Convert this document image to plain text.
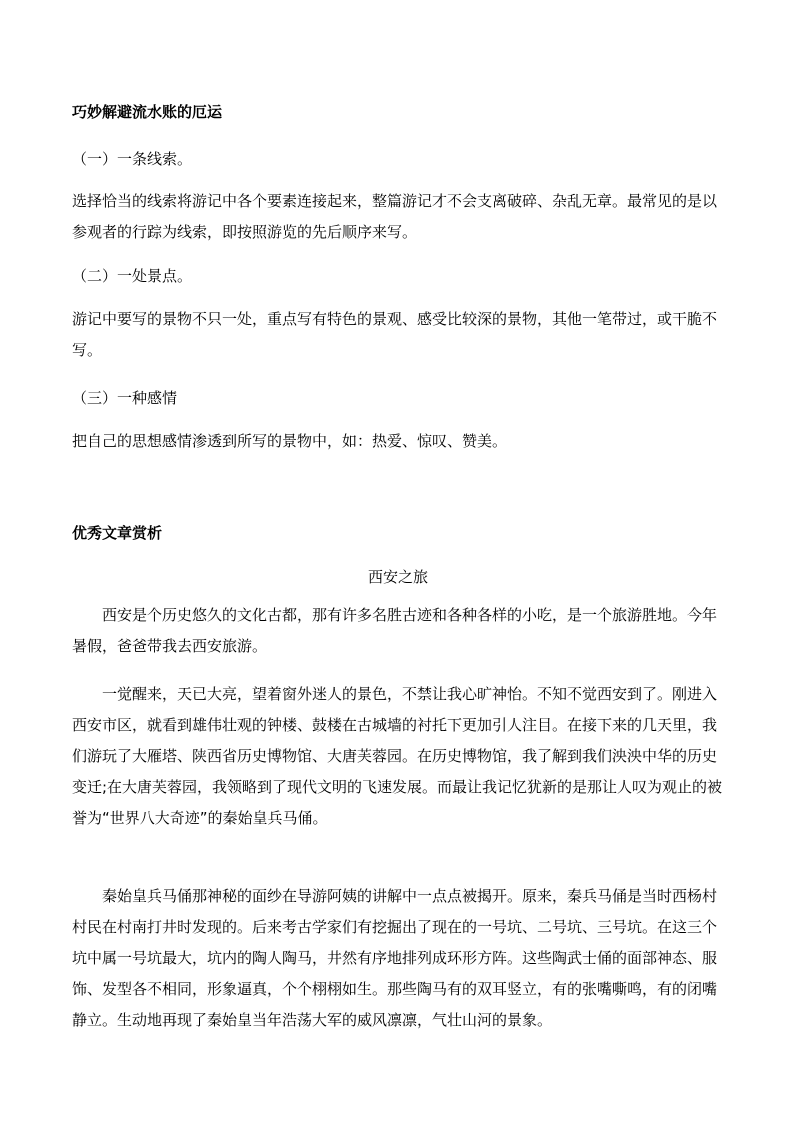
巧妙解避流水账的厄运

（一）一条线索。

选择恰当的线索将游记中各个要素连接起来，整篇游记才不会支离破碎、杂乱无章。最常见的是以参观者的行踪为线索，即按照游览的先后顺序来写。

（二）一处景点。

游记中要写的景物不只一处，重点写有特色的景观、感受比较深的景物，其他一笔带过，或干脆不写。

（三）一种感情

把自己的思想感情渗透到所写的景物中，如：热爱、惊叹、赞美。

优秀文章赏析

西安之旅

西安是个历史悠久的文化古都，那有许多名胜古迹和各种各样的小吃，是一个旅游胜地。今年暑假，爸爸带我去西安旅游。

一觉醒来，天已大亮，望着窗外迷人的景色，不禁让我心旷神怡。不知不觉西安到了。刚进入西安市区，就看到雄伟壮观的钟楼、鼓楼在古城墙的衬托下更加引人注目。在接下来的几天里，我们游玩了大雁塔、陕西省历史博物馆、大唐芙蓉园。在历史博物馆，我了解到我们泱泱中华的历史变迁;在大唐芙蓉园，我领略到了现代文明的飞速发展。而最让我记忆犹新的是那让人叹为观止的被誉为“世界八大奇迹”的秦始皇兵马俑。

秦始皇兵马俑那神秘的面纱在导游阿姨的讲解中一点点被揭开。原来，秦兵马俑是当时西杨村村民在村南打井时发现的。后来考古学家们有挖掘出了现在的一号坑、二号坑、三号坑。在这三个坑中属一号坑最大，坑内的陶人陶马，井然有序地排列成环形方阵。这些陶武士俑的面部神态、服饰、发型各不相同，形象逼真，个个栩栩如生。那些陶马有的双耳竖立，有的张嘴嘶鸣，有的闭嘴静立。生动地再现了秦始皇当年浩荡大军的威风凛凛，气壮山河的景象。
